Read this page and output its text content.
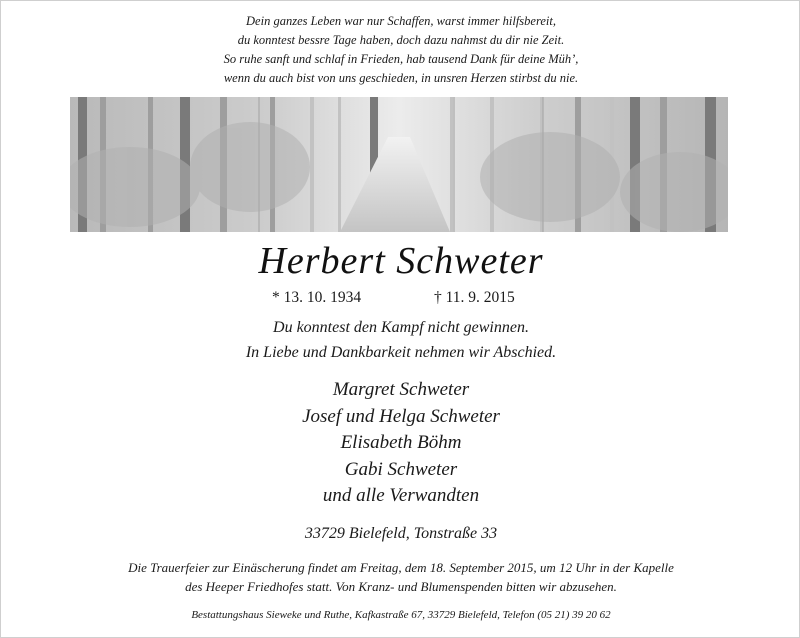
Dein ganzes Leben war nur Schaffen, warst immer hilfsbereit,
du konntest bessre Tage haben, doch dazu nahmst du dir nie Zeit.
So ruhe sanft und schlaf in Frieden, hab tausend Dank für deine Müh’,
wenn du auch bist von uns geschieden, in unsren Herzen stirbst du nie.
Herbert Schweter
* 13. 10. 1934	† 11. 9. 2015
Du konntest den Kampf nicht gewinnen.
In Liebe und Dankbarkeit nehmen wir Abschied.
Margret Schweter
Josef und Helga Schweter
Elisabeth Böhm
Gabi Schweter
und alle Verwandten
33729 Bielefeld, Tonstraße 33
Die Trauerfeier zur Einäscherung findet am Freitag, dem 18. September 2015, um 12 Uhr in der Kapelle
des Heeper Friedhofes statt. Von Kranz- und Blumenspenden bitten wir abzusehen.
Bestattungshaus Sieweke und Ruthe, Kafkastraße 67, 33729 Bielefeld, Telefon (05 21) 39 20 62
